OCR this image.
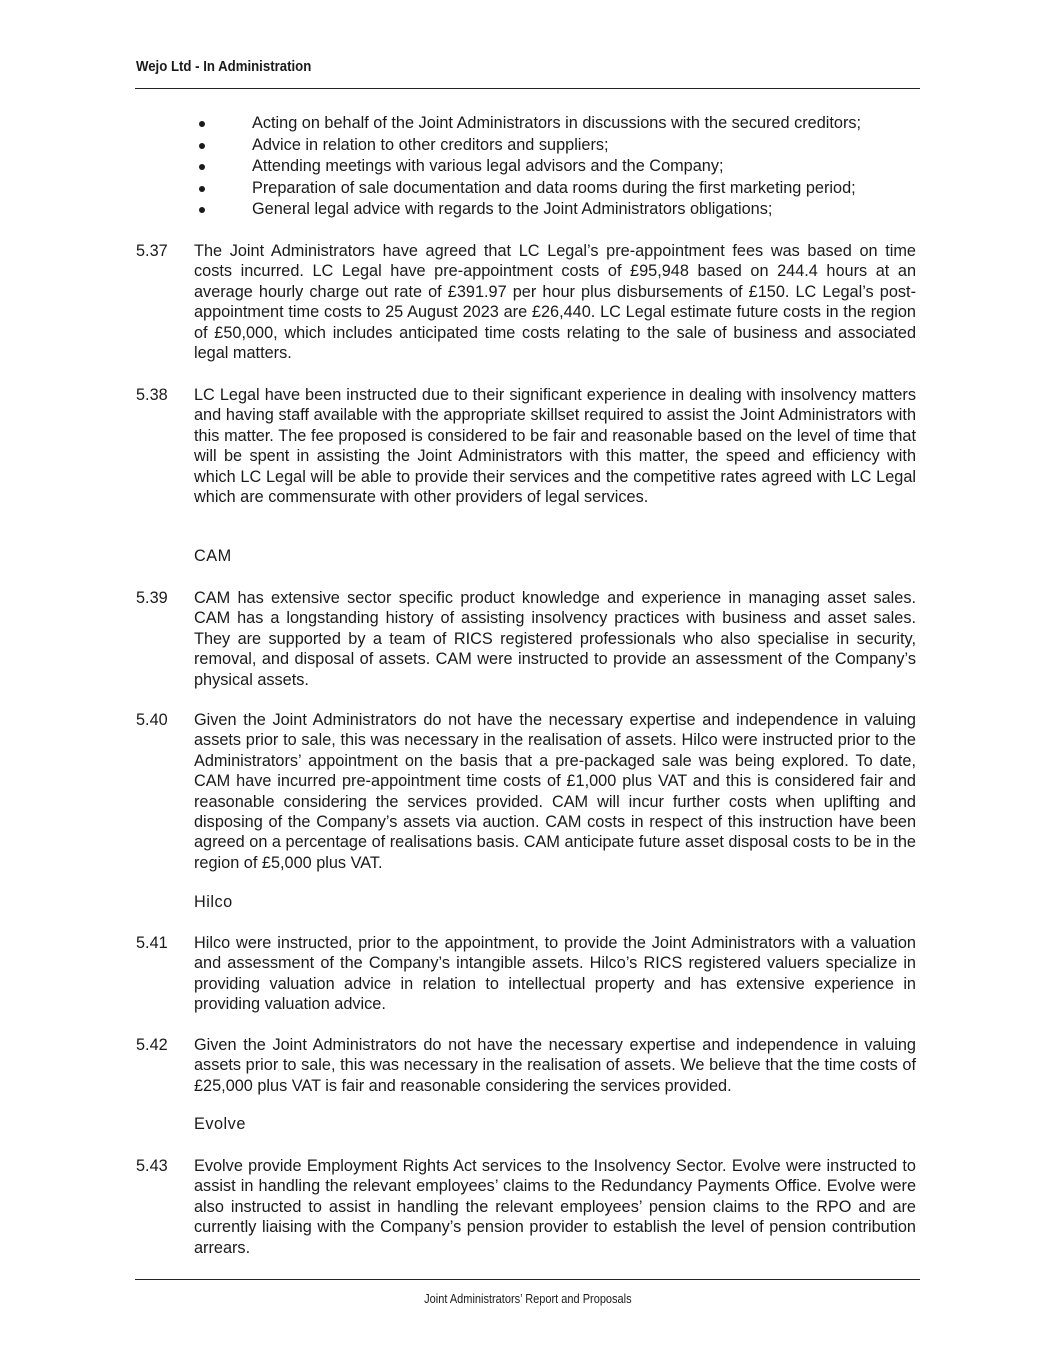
Wejo Ltd - In Administration
Acting on behalf of the Joint Administrators in discussions with the secured creditors;
Advice in relation to other creditors and suppliers;
Attending meetings with various legal advisors and the Company;
Preparation of sale documentation and data rooms during the first marketing period;
General legal advice with regards to the Joint Administrators obligations;
5.37 The Joint Administrators have agreed that LC Legal’s pre-appointment fees was based on time costs incurred. LC Legal have pre-appointment costs of £95,948 based on 244.4 hours at an average hourly charge out rate of £391.97 per hour plus disbursements of £150. LC Legal’s post-appointment time costs to 25 August 2023 are £26,440. LC Legal estimate future costs in the region of £50,000, which includes anticipated time costs relating to the sale of business and associated legal matters.
5.38 LC Legal have been instructed due to their significant experience in dealing with insolvency matters and having staff available with the appropriate skillset required to assist the Joint Administrators with this matter. The fee proposed is considered to be fair and reasonable based on the level of time that will be spent in assisting the Joint Administrators with this matter, the speed and efficiency with which LC Legal will be able to provide their services and the competitive rates agreed with LC Legal which are commensurate with other providers of legal services.
CAM
5.39 CAM has extensive sector specific product knowledge and experience in managing asset sales. CAM has a longstanding history of assisting insolvency practices with business and asset sales. They are supported by a team of RICS registered professionals who also specialise in security, removal, and disposal of assets. CAM were instructed to provide an assessment of the Company’s physical assets.
5.40 Given the Joint Administrators do not have the necessary expertise and independence in valuing assets prior to sale, this was necessary in the realisation of assets. Hilco were instructed prior to the Administrators’ appointment on the basis that a pre-packaged sale was being explored. To date, CAM have incurred pre-appointment time costs of £1,000 plus VAT and this is considered fair and reasonable considering the services provided. CAM will incur further costs when uplifting and disposing of the Company’s assets via auction. CAM costs in respect of this instruction have been agreed on a percentage of realisations basis. CAM anticipate future asset disposal costs to be in the region of £5,000 plus VAT.
Hilco
5.41 Hilco were instructed, prior to the appointment, to provide the Joint Administrators with a valuation and assessment of the Company’s intangible assets. Hilco’s RICS registered valuers specialize in providing valuation advice in relation to intellectual property and has extensive experience in providing valuation advice.
5.42 Given the Joint Administrators do not have the necessary expertise and independence in valuing assets prior to sale, this was necessary in the realisation of assets. We believe that the time costs of £25,000 plus VAT is fair and reasonable considering the services provided.
Evolve
5.43 Evolve provide Employment Rights Act services to the Insolvency Sector. Evolve were instructed to assist in handling the relevant employees’ claims to the Redundancy Payments Office. Evolve were also instructed to assist in handling the relevant employees’ pension claims to the RPO and are currently liaising with the Company’s pension provider to establish the level of pension contribution arrears.
Joint Administrators’ Report and Proposals
